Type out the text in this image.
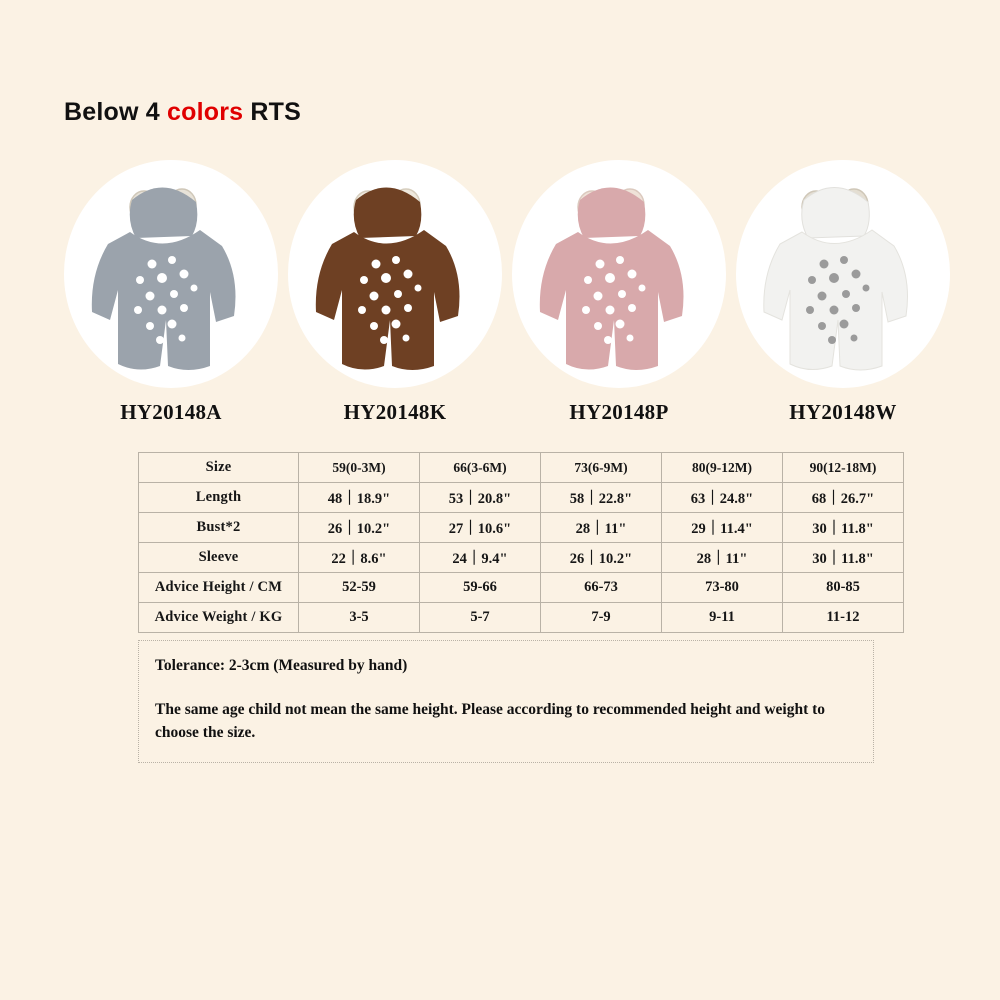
Below 4 colors RTS
HY20148A	HY20148K	HY20148P	HY20148W
Size	59(0-3M)	66(3-6M)	73(6-9M)	80(9-12M)	90(12-18M)
Length	48｜18.9"	53｜20.8"	58｜22.8"	63｜24.8"	68｜26.7"
Bust*2	26｜10.2"	27｜10.6"	28｜11"	29｜11.4"	30｜11.8"
Sleeve	22｜8.6"	24｜9.4"	26｜10.2"	28｜11"	30｜11.8"
Advice Height / CM	52-59	59-66	66-73	73-80	80-85
Advice Weight / KG	3-5	5-7	7-9	9-11	11-12

Tolerance: 2-3cm (Measured by hand)

The same age child not mean the same height. Please according to recommended height and weight to choose the size.
